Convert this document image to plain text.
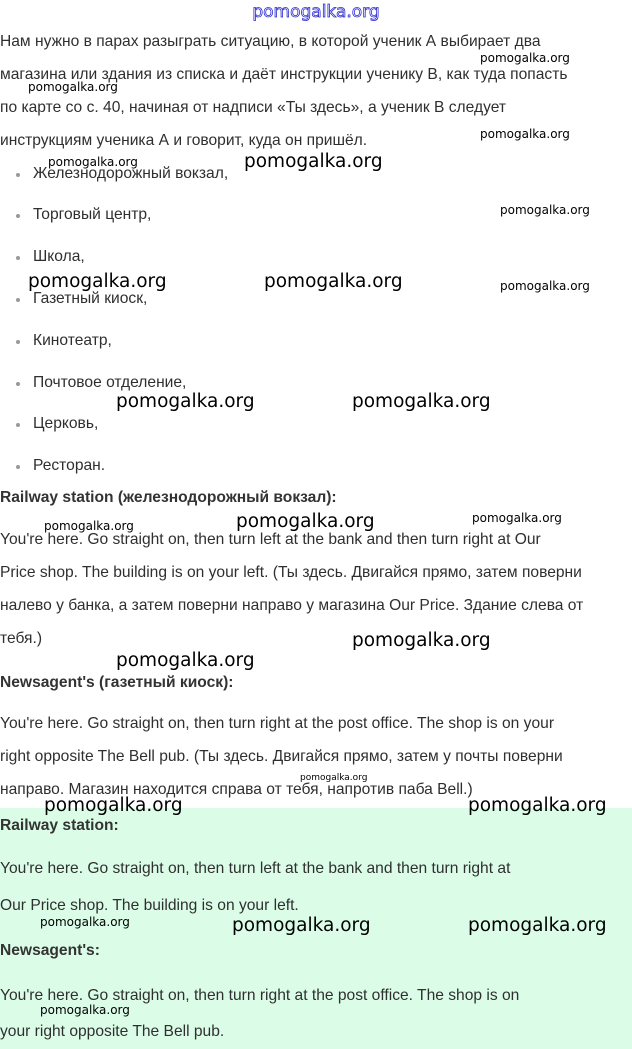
pomogalka.org
Нам нужно в парах разыграть ситуацию, в которой ученик А выбирает два
магазина или здания из списка и даёт инструкции ученику В, как туда попасть
по карте со с. 40, начиная от надписи «Ты здесь», а ученик В следует
инструкциям ученика А и говорит, куда он пришёл.
Железнодорожный вокзал,
Торговый центр,
Школа,
Газетный киоск,
Кинотеатр,
Почтовое отделение,
Церковь,
Ресторан.
Railway station (железнодорожный вокзал):
You're here. Go straight on, then turn left at the bank and then turn right at Our
Price shop. The building is on your left. (Ты здесь. Двигайся прямо, затем поверни
налево у банка, а затем поверни направо у магазина Our Price. Здание слева от
тебя.)
Newsagent's (газетный киоск):
You're here. Go straight on, then turn right at the post office. The shop is on your
right opposite The Bell pub. (Ты здесь. Двигайся прямо, затем у почты поверни
направо. Магазин находится справа от тебя, напротив паба Bell.)
Railway station:
You're here. Go straight on, then turn left at the bank and then turn right at
Our Price shop. The building is on your left.
Newsagent's:
You're here. Go straight on, then turn right at the post office. The shop is on
your right opposite The Bell pub.
pomogalka.org
pomogalka.org
pomogalka.org
pomogalka.org	pomogalka.org
pomogalka.org
pomogalka.org	pomogalka.org	pomogalka.org
pomogalka.org	pomogalka.org
pomogalka.org	pomogalka.org	pomogalka.org
pomogalka.org
pomogalka.org
pomogalka.org
pomogalka.org	pomogalka.org
pomogalka.org	pomogalka.org	pomogalka.org
pomogalka.org
